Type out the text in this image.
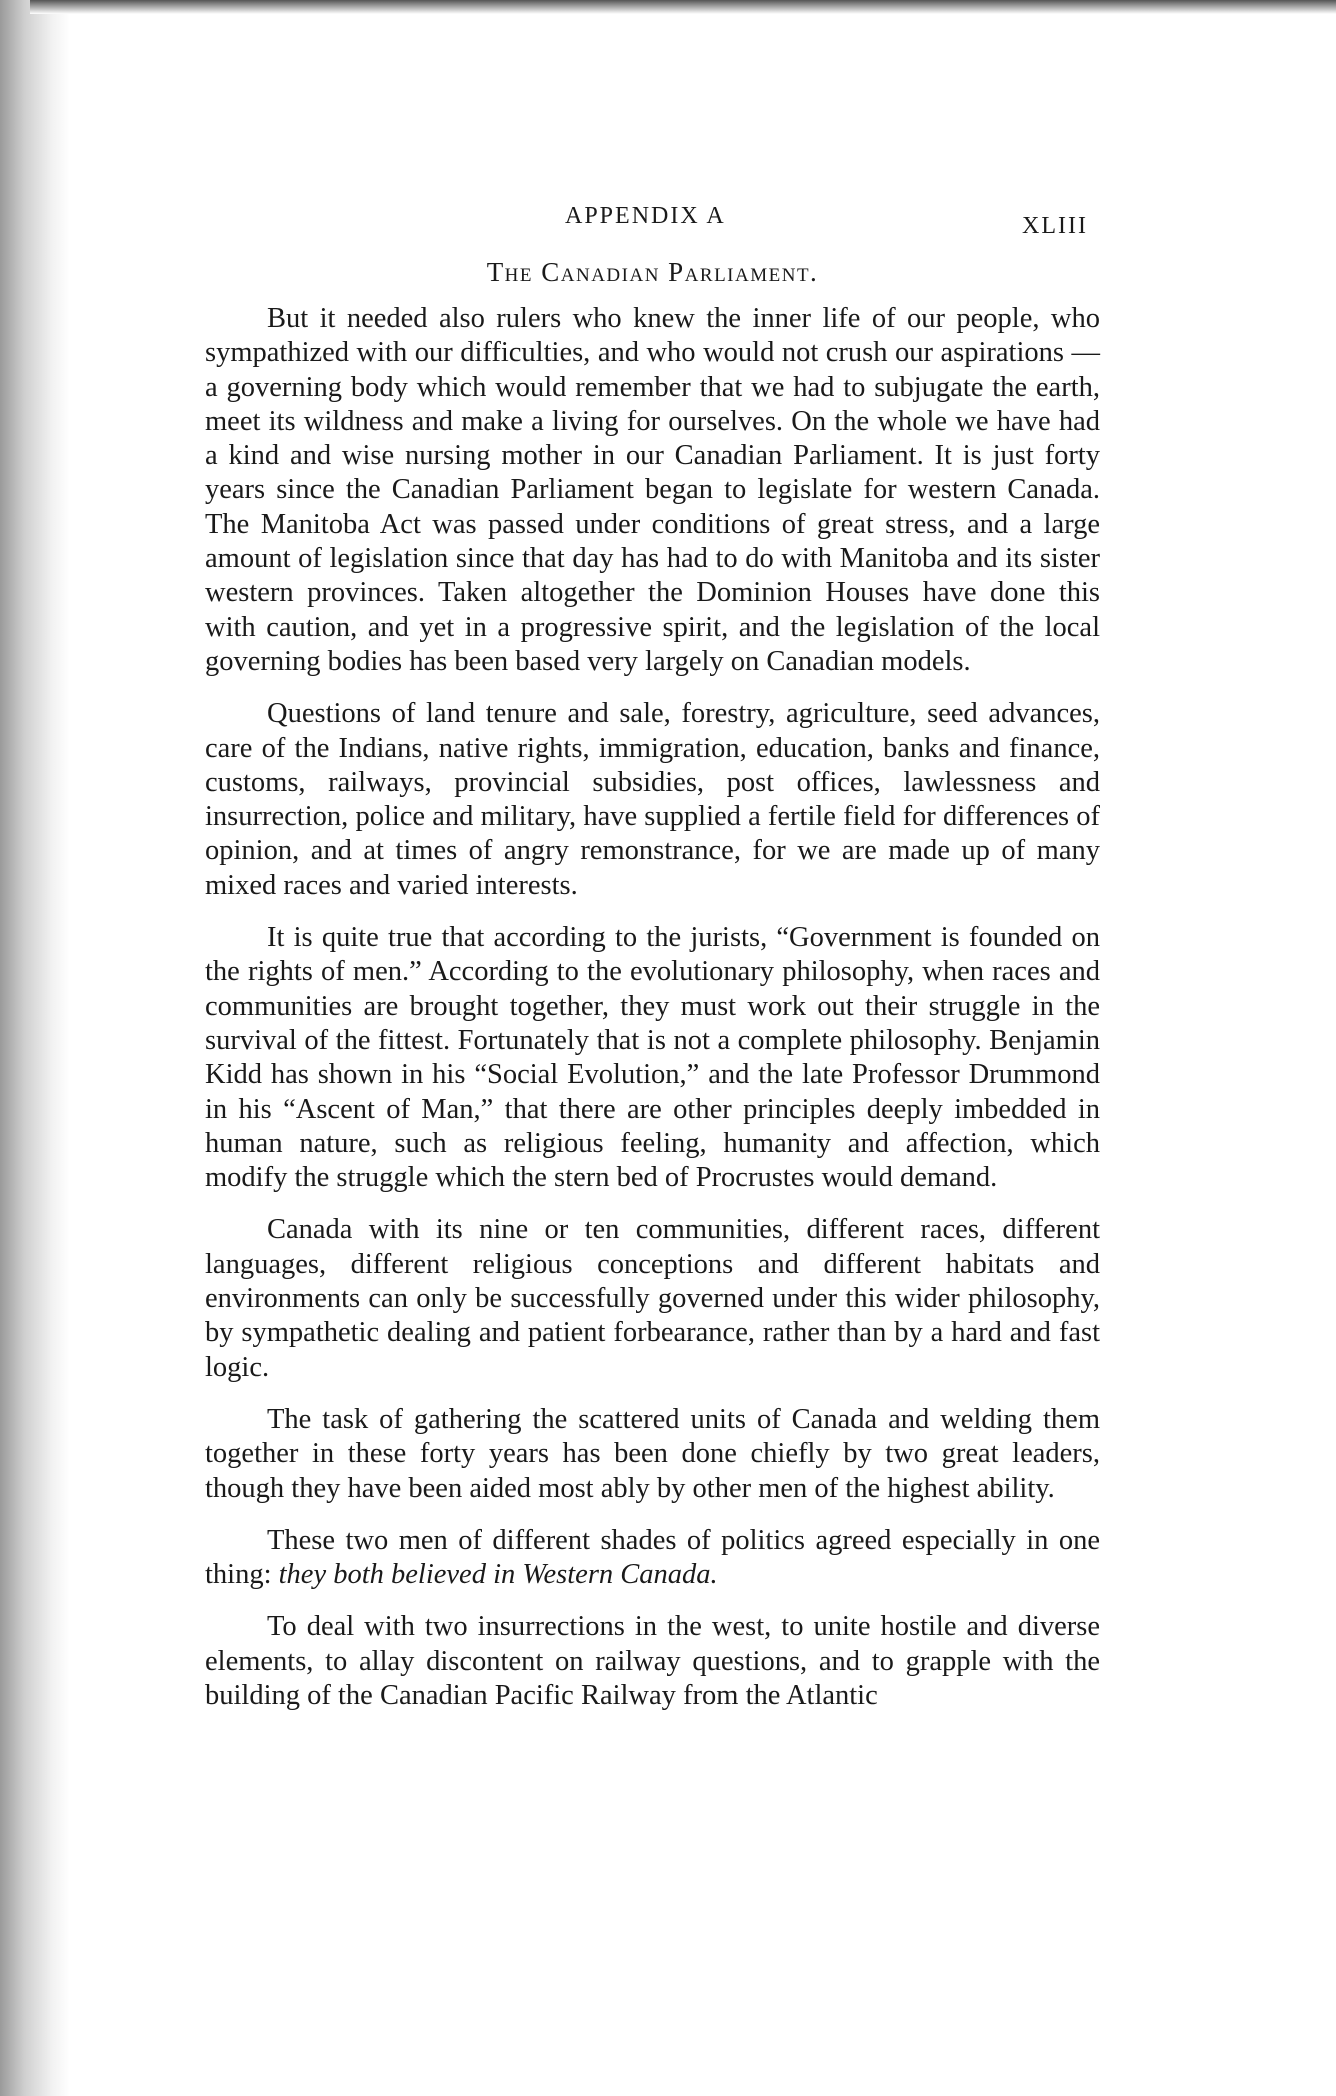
APPENDIX A	XLIII
The Canadian Parliament.

But it needed also rulers who knew the inner life of our people, who sympathized with our difficulties, and who would not crush our aspirations —a governing body which would remember that we had to subjugate the earth, meet its wildness and make a living for ourselves. On the whole we have had a kind and wise nursing mother in our Canadian Parliament. It is just forty years since the Canadian Parliament began to legislate for western Canada. The Manitoba Act was passed under conditions of great stress, and a large amount of legislation since that day has had to do with Manitoba and its sister western provinces. Taken altogether the Dominion Houses have done this with caution, and yet in a progressive spirit, and the legislation of the local governing bodies has been based very largely on Canadian models.

Questions of land tenure and sale, forestry, agriculture, seed advances, care of the Indians, native rights, immigration, education, banks and finance, customs, railways, provincial subsidies, post offices, lawlessness and insurrection, police and military, have supplied a fertile field for differences of opinion, and at times of angry remonstrance, for we are made up of many mixed races and varied interests.

It is quite true that according to the jurists, “Government is founded on the rights of men.” According to the evolutionary philosophy, when races and communities are brought together, they must work out their struggle in the survival of the fittest. Fortunately that is not a complete philosophy. Benjamin Kidd has shown in his “Social Evolution,” and the late Professor Drummond in his “Ascent of Man,” that there are other principles deeply imbedded in human nature, such as religious feeling, humanity and affection, which modify the struggle which the stern bed of Procrustes would demand.

Canada with its nine or ten communities, different races, different languages, different religious conceptions and different habitats and environments can only be successfully governed under this wider philosophy, by sympathetic dealing and patient forbearance, rather than by a hard and fast logic.

The task of gathering the scattered units of Canada and welding them together in these forty years has been done chiefly by two great leaders, though they have been aided most ably by other men of the highest ability.

These two men of different shades of politics agreed especially in one thing: they both believed in Western Canada.

To deal with two insurrections in the west, to unite hostile and diverse elements, to allay discontent on railway questions, and to grapple with the building of the Canadian Pacific Railway from the Atlantic
